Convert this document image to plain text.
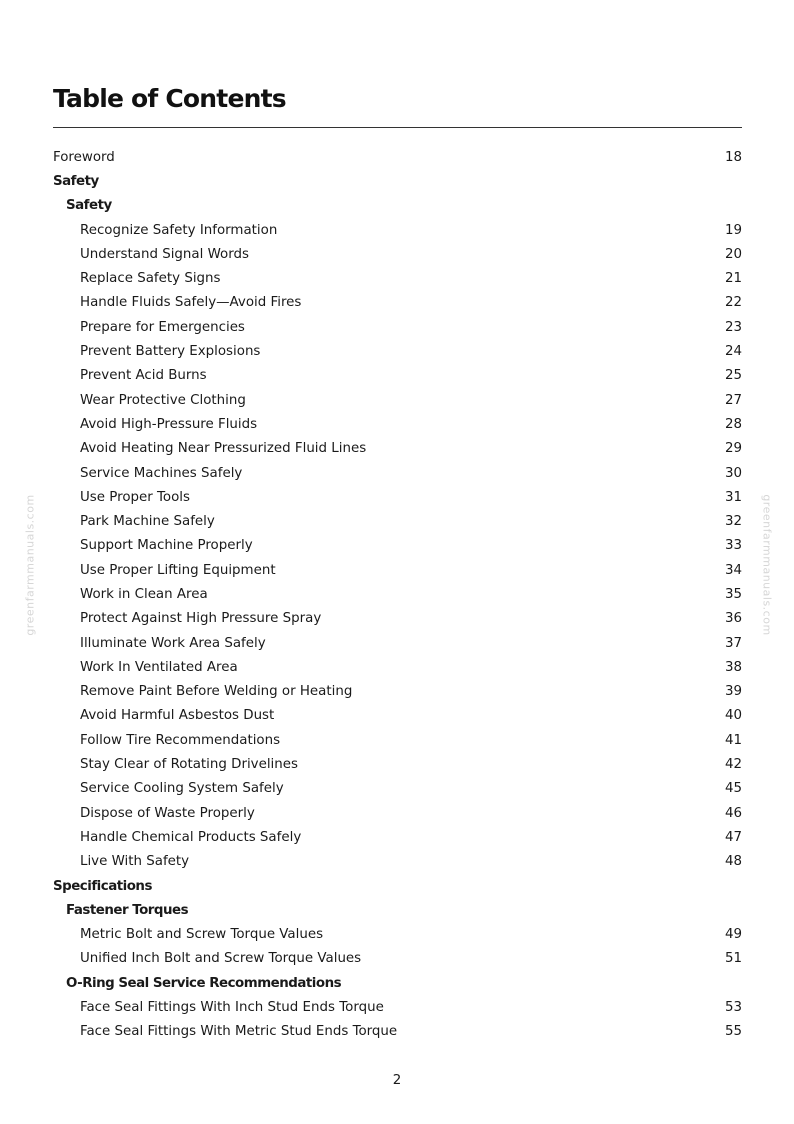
Table of Contents
Foreword	18
Safety
Safety
Recognize Safety Information	19
Understand Signal Words	20
Replace Safety Signs	21
Handle Fluids Safely—Avoid Fires	22
Prepare for Emergencies	23
Prevent Battery Explosions	24
Prevent Acid Burns	25
Wear Protective Clothing	27
Avoid High-Pressure Fluids	28
Avoid Heating Near Pressurized Fluid Lines	29
Service Machines Safely	30
Use Proper Tools	31
Park Machine Safely	32
Support Machine Properly	33
Use Proper Lifting Equipment	34
Work in Clean Area	35
Protect Against High Pressure Spray	36
Illuminate Work Area Safely	37
Work In Ventilated Area	38
Remove Paint Before Welding or Heating	39
Avoid Harmful Asbestos Dust	40
Follow Tire Recommendations	41
Stay Clear of Rotating Drivelines	42
Service Cooling System Safely	45
Dispose of Waste Properly	46
Handle Chemical Products Safely	47
Live With Safety	48
Specifications
Fastener Torques
Metric Bolt and Screw Torque Values	49
Unified Inch Bolt and Screw Torque Values	51
O-Ring Seal Service Recommendations
Face Seal Fittings With Inch Stud Ends Torque	53
Face Seal Fittings With Metric Stud Ends Torque	55
greenfarmmanuals.com	greenfarmmanuals.com
2
